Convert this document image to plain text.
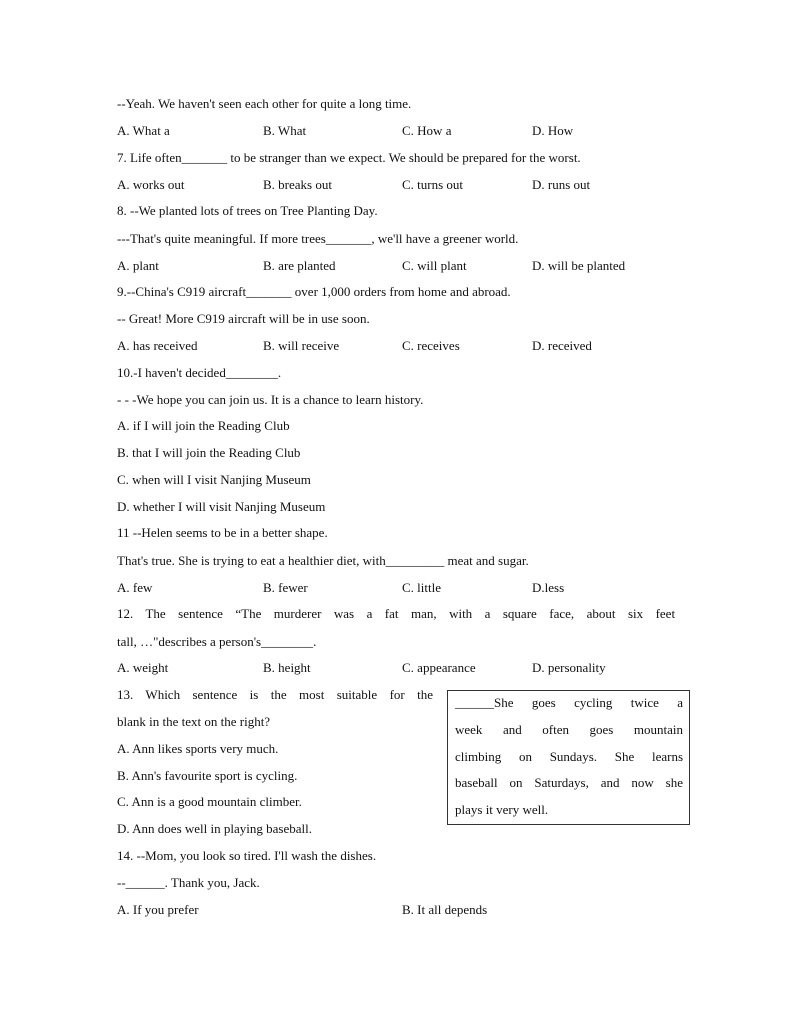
--Yeah. We haven't seen each other for quite a long time.
A. What a	B. What	C. How a	D. How
7. Life often_______ to be stranger than we expect. We should be prepared for the worst.
A. works out	B. breaks out	C. turns out	D. runs out
8. --We planted lots of trees on Tree Planting Day.
---That's quite meaningful. If more trees_______, we'll have a greener world.
A. plant	B. are planted	C. will plant	D. will be planted
9.--China's C919 aircraft_______ over 1,000 orders from home and abroad.
-- Great! More C919 aircraft will be in use soon.
A. has received	B. will receive	C. receives	D. received
10.-I haven't decided________.
- - -We hope you can join us. It is a chance to learn history.
A. if I will join the Reading Club
B. that I will join the Reading Club
C. when will I visit Nanjing Museum
D. whether I will visit Nanjing Museum
11 --Helen seems to be in a better shape.
That's true. She is trying to eat a healthier diet, with_________ meat and sugar.
A. few	B. fewer	C. little	D.less
12. The sentence “The murderer was a fat man, with a square face, about six feet
tall, …"describes a person's________.
A. weight	B. height	C. appearance	D. personality
13. Which sentence is the most suitable for the
blank in the text on the right?
A. Ann likes sports very much.
B. Ann's favourite sport is cycling.
C. Ann is a good mountain climber.
D. Ann does well in playing baseball.
______She goes cycling twice a
week and often goes mountain
climbing on Sundays. She learns
baseball on Saturdays, and now she
plays it very well.
14. --Mom, you look so tired. I'll wash the dishes.
--______. Thank you, Jack.
A. If you prefer	B. It all depends
